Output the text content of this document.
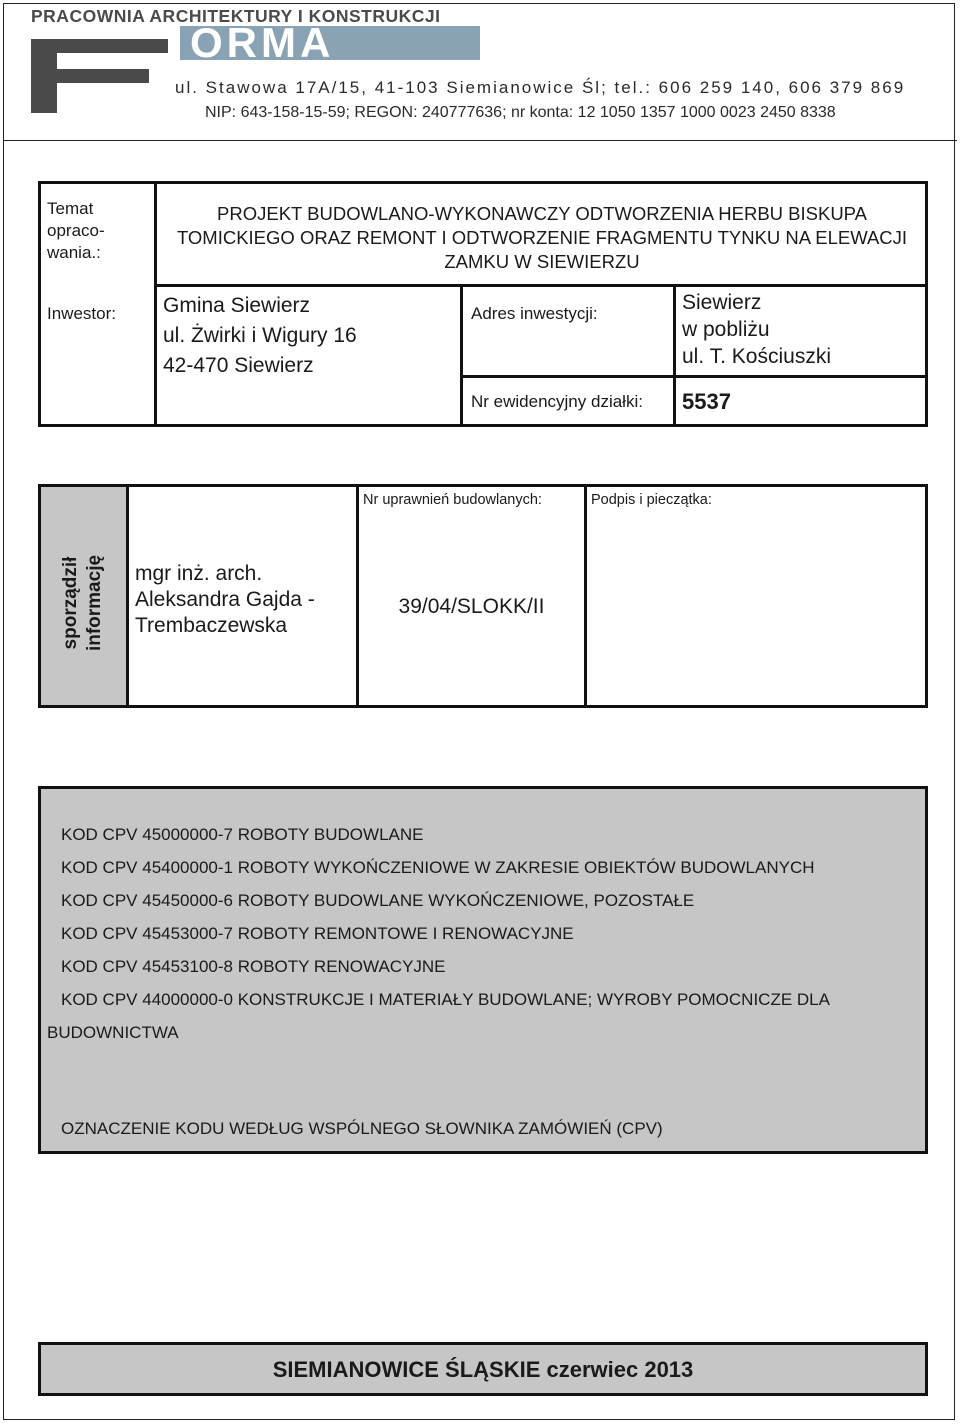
PRACOWNIA ARCHITEKTURY I KONSTRUKCJI
ORMA
ul. Stawowa 17A/15, 41-103 Siemianowice Śl; tel.: 606 259 140, 606 379 869
NIP: 643-158-15-59; REGON: 240777636; nr konta: 12 1050 1357 1000 0023 2450 8338
Temat opraco-wania.:
PROJEKT BUDOWLANO-WYKONAWCZY ODTWORZENIA HERBU BISKUPA TOMICKIEGO ORAZ REMONT I ODTWORZENIE FRAGMENTU TYNKU NA ELEWACJI ZAMKU W SIEWIERZU
Inwestor: Gmina Siewierz
ul. Żwirki i Wigury 16
42-470 Siewierz
Adres inwestycji:	Siewierz
w pobliżu
ul. T. Kościuszki
Nr ewidencyjny działki: 5537
sporządził informację
Nr uprawnień budowlanych:	Podpis i pieczątka:
mgr inż. arch.
Aleksandra Gajda -
Trembaczewska
39/04/SLOKK/II
KOD CPV 45000000-7 ROBOTY BUDOWLANE
KOD CPV 45400000-1 ROBOTY WYKOŃCZENIOWE W ZAKRESIE OBIEKTÓW BUDOWLANYCH
KOD CPV 45450000-6 ROBOTY BUDOWLANE WYKOŃCZENIOWE, POZOSTAŁE
KOD CPV 45453000-7 ROBOTY REMONTOWE I RENOWACYJNE
KOD CPV 45453100-8 ROBOTY RENOWACYJNE
KOD CPV 44000000-0 KONSTRUKCJE I MATERIAŁY BUDOWLANE; WYROBY POMOCNICZE DLA
BUDOWNICTWA
OZNACZENIE KODU WEDŁUG WSPÓLNEGO SŁOWNIKA ZAMÓWIEŃ (CPV)
SIEMIANOWICE ŚLĄSKIE czerwiec 2013
